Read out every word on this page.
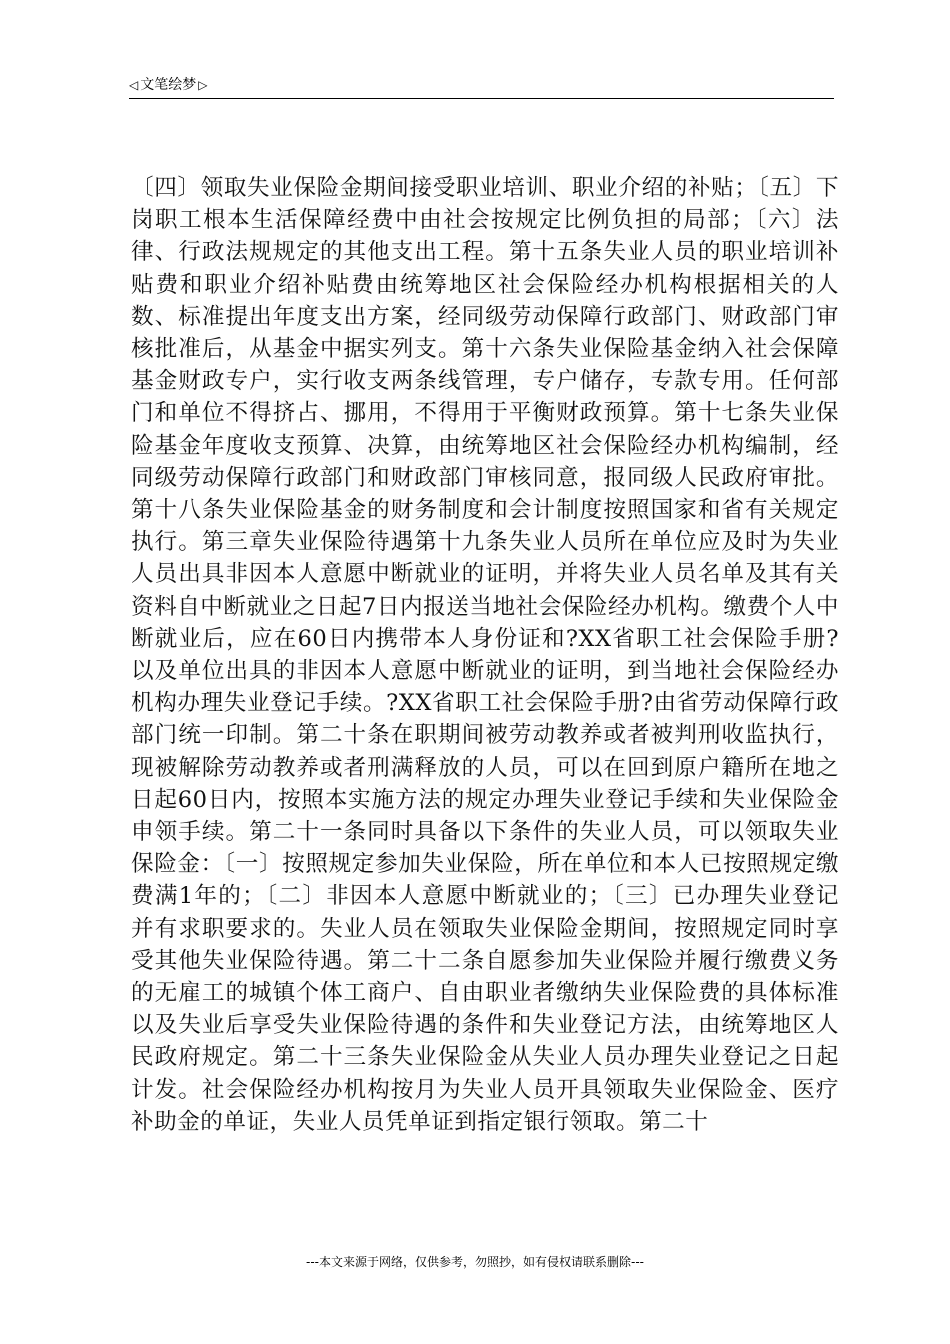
◁ 文笔绘梦 ▷

〔四〕领取失业保险金期间接受职业培训、职业介绍的补贴；〔五〕下岗职工根本生活保障经费中由社会按规定比例负担的局部；〔六〕法律、行政法规规定的其他支出工程。第十五条失业人员的职业培训补贴费和职业介绍补贴费由统筹地区社会保险经办机构根据相关的人数、标准提出年度支出方案，经同级劳动保障行政部门、财政部门审核批准后，从基金中据实列支。第十六条失业保险基金纳入社会保障基金财政专户，实行收支两条线管理，专户储存，专款专用。任何部门和单位不得挤占、挪用，不得用于平衡财政预算。第十七条失业保险基金年度收支预算、决算，由统筹地区社会保险经办机构编制，经同级劳动保障行政部门和财政部门审核同意，报同级人民政府审批。第十八条失业保险基金的财务制度和会计制度按照国家和省有关规定执行。第三章失业保险待遇第十九条失业人员所在单位应及时为失业人员出具非因本人意愿中断就业的证明，并将失业人员名单及其有关资料自中断就业之日起7日内报送当地社会保险经办机构。缴费个人中断就业后，应在60日内携带本人身份证和?XX省职工社会保险手册?以及单位出具的非因本人意愿中断就业的证明，到当地社会保险经办机构办理失业登记手续。?XX省职工社会保险手册?由省劳动保障行政部门统一印制。第二十条在职期间被劳动教养或者被判刑收监执行，现被解除劳动教养或者刑满释放的人员，可以在回到原户籍所在地之日起60日内，按照本实施方法的规定办理失业登记手续和失业保险金申领手续。第二十一条同时具备以下条件的失业人员，可以领取失业保险金：〔一〕按照规定参加失业保险，所在单位和本人已按照规定缴费满1年的；〔二〕非因本人意愿中断就业的；〔三〕已办理失业登记并有求职要求的。失业人员在领取失业保险金期间，按照规定同时享受其他失业保险待遇。第二十二条自愿参加失业保险并履行缴费义务的无雇工的城镇个体工商户、自由职业者缴纳失业保险费的具体标准以及失业后享受失业保险待遇的条件和失业登记方法，由统筹地区人民政府规定。第二十三条失业保险金从失业人员办理失业登记之日起计发。社会保险经办机构按月为失业人员开具领取失业保险金、医疗补助金的单证，失业人员凭单证到指定银行领取。第二十

---本文来源于网络，仅供参考，勿照抄，如有侵权请联系删除---
